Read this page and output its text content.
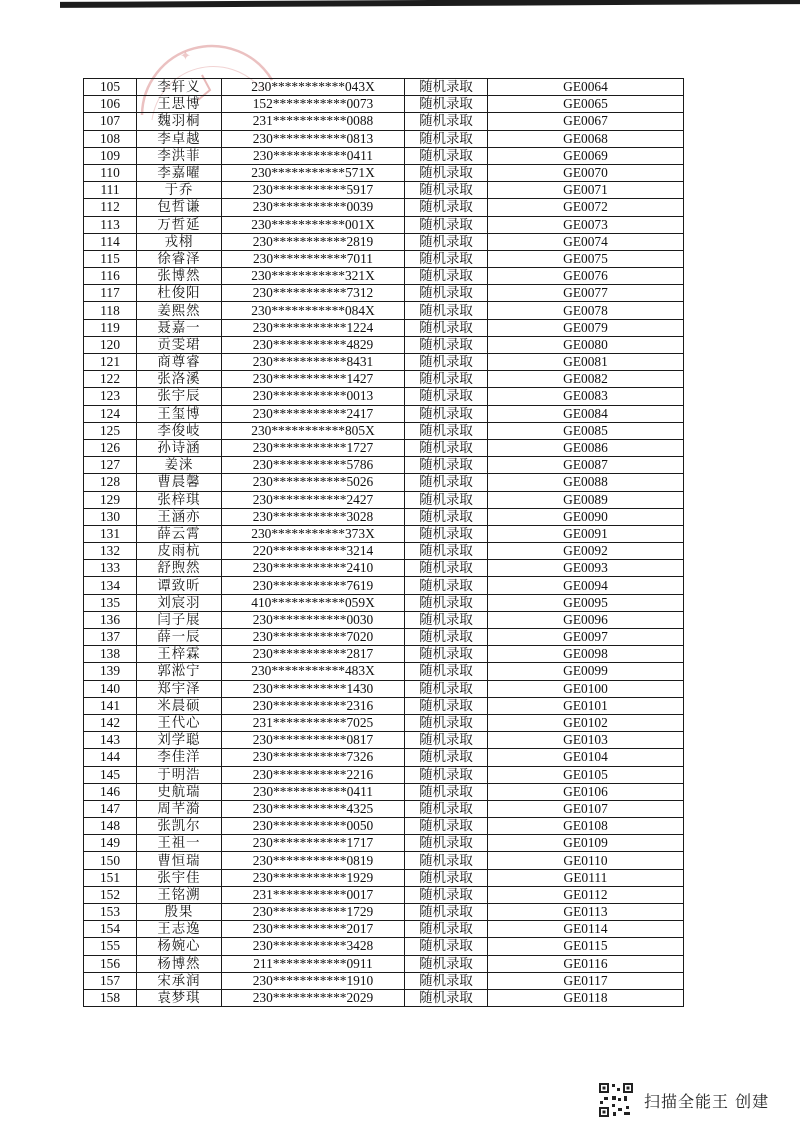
✦
105	李轩义	230***********043X	随机录取	GE0064
106	王思博	152***********0073	随机录取	GE0065
107	魏羽桐	231***********0088	随机录取	GE0067
108	李卓越	230***********0813	随机录取	GE0068
109	李洪菲	230***********0411	随机录取	GE0069
110	李嘉曜	230***********571X	随机录取	GE0070
111	于乔	230***********5917	随机录取	GE0071
112	包哲谦	230***********0039	随机录取	GE0072
113	万哲延	230***********001X	随机录取	GE0073
114	戎栩	230***********2819	随机录取	GE0074
115	徐睿泽	230***********7011	随机录取	GE0075
116	张博然	230***********321X	随机录取	GE0076
117	杜俊阳	230***********7312	随机录取	GE0077
118	姜熙然	230***********084X	随机录取	GE0078
119	聂嘉一	230***********1224	随机录取	GE0079
120	贡雯珺	230***********4829	随机录取	GE0080
121	商尊睿	230***********8431	随机录取	GE0081
122	张洛溪	230***********1427	随机录取	GE0082
123	张宇辰	230***********0013	随机录取	GE0083
124	王玺博	230***********2417	随机录取	GE0084
125	李俊岐	230***********805X	随机录取	GE0085
126	孙诗涵	230***********1727	随机录取	GE0086
127	姜涞	230***********5786	随机录取	GE0087
128	曹晨馨	230***********5026	随机录取	GE0088
129	张梓琪	230***********2427	随机录取	GE0089
130	王涵亦	230***********3028	随机录取	GE0090
131	薛云霄	230***********373X	随机录取	GE0091
132	皮雨杭	220***********3214	随机录取	GE0092
133	舒煦然	230***********2410	随机录取	GE0093
134	谭致昕	230***********7619	随机录取	GE0094
135	刘宸羽	410***********059X	随机录取	GE0095
136	闫子展	230***********0030	随机录取	GE0096
137	薛一辰	230***********7020	随机录取	GE0097
138	王梓霖	230***********2817	随机录取	GE0098
139	郭淞宁	230***********483X	随机录取	GE0099
140	郑宇泽	230***********1430	随机录取	GE0100
141	米晨硕	230***********2316	随机录取	GE0101
142	王代心	231***********7025	随机录取	GE0102
143	刘学聪	230***********0817	随机录取	GE0103
144	李佳洋	230***********7326	随机录取	GE0104
145	于明浩	230***********2216	随机录取	GE0105
146	史航瑞	230***********0411	随机录取	GE0106
147	周芊漪	230***********4325	随机录取	GE0107
148	张凯尔	230***********0050	随机录取	GE0108
149	王祖一	230***********1717	随机录取	GE0109
150	曹恒瑞	230***********0819	随机录取	GE0110
151	张宇佳	230***********1929	随机录取	GE0111
152	王铭溯	231***********0017	随机录取	GE0112
153	殷果	230***********1729	随机录取	GE0113
154	王志逸	230***********2017	随机录取	GE0114
155	杨婉心	230***********3428	随机录取	GE0115
156	杨博然	211***********0911	随机录取	GE0116
157	宋承润	230***********1910	随机录取	GE0117
158	袁梦琪	230***********2029	随机录取	GE0118
扫描全能王 创建
